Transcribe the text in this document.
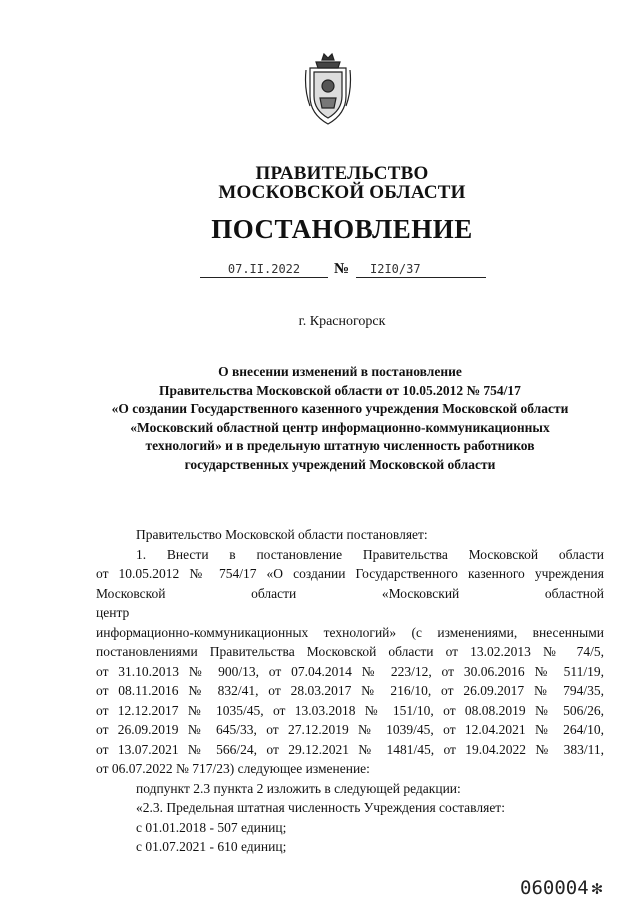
ПРАВИТЕЛЬСТВО
МОСКОВСКОЙ ОБЛАСТИ
ПОСТАНОВЛЕНИЕ
07.II.2022	№	I2I0/37
г. Красногорск
О внесении изменений в постановление
Правительства Московской области от 10.05.2012 № 754/17
«О создании Государственного казенного учреждения Московской области
«Московский областной центр информационно-коммуникационных
технологий» и в предельную штатную численность работников
государственных учреждений Московской области
Правительство Московской области постановляет:
1. Внести в постановление Правительства Московской области
от 10.05.2012 № 754/17 «О создании Государственного казенного учреждения
Московской области «Московский областной центр
информационно-коммуникационных технологий» (с изменениями, внесенными
постановлениями Правительства Московской области от 13.02.2013 № 74/5,
от 31.10.2013 № 900/13, от 07.04.2014 № 223/12, от 30.06.2016 № 511/19,
от 08.11.2016 № 832/41, от 28.03.2017 № 216/10, от 26.09.2017 № 794/35,
от 12.12.2017 № 1035/45, от 13.03.2018 № 151/10, от 08.08.2019 № 506/26,
от 26.09.2019 № 645/33, от 27.12.2019 № 1039/45, от 12.04.2021 № 264/10,
от 13.07.2021 № 566/24, от 29.12.2021 № 1481/45, от 19.04.2022 № 383/11,
от 06.07.2022 № 717/23) следующее изменение:
подпункт 2.3 пункта 2 изложить в следующей редакции:
«2.3. Предельная штатная численность Учреждения составляет:
с 01.01.2018 - 507 единиц;
с 01.07.2021 - 610 единиц;
060004 ✻
